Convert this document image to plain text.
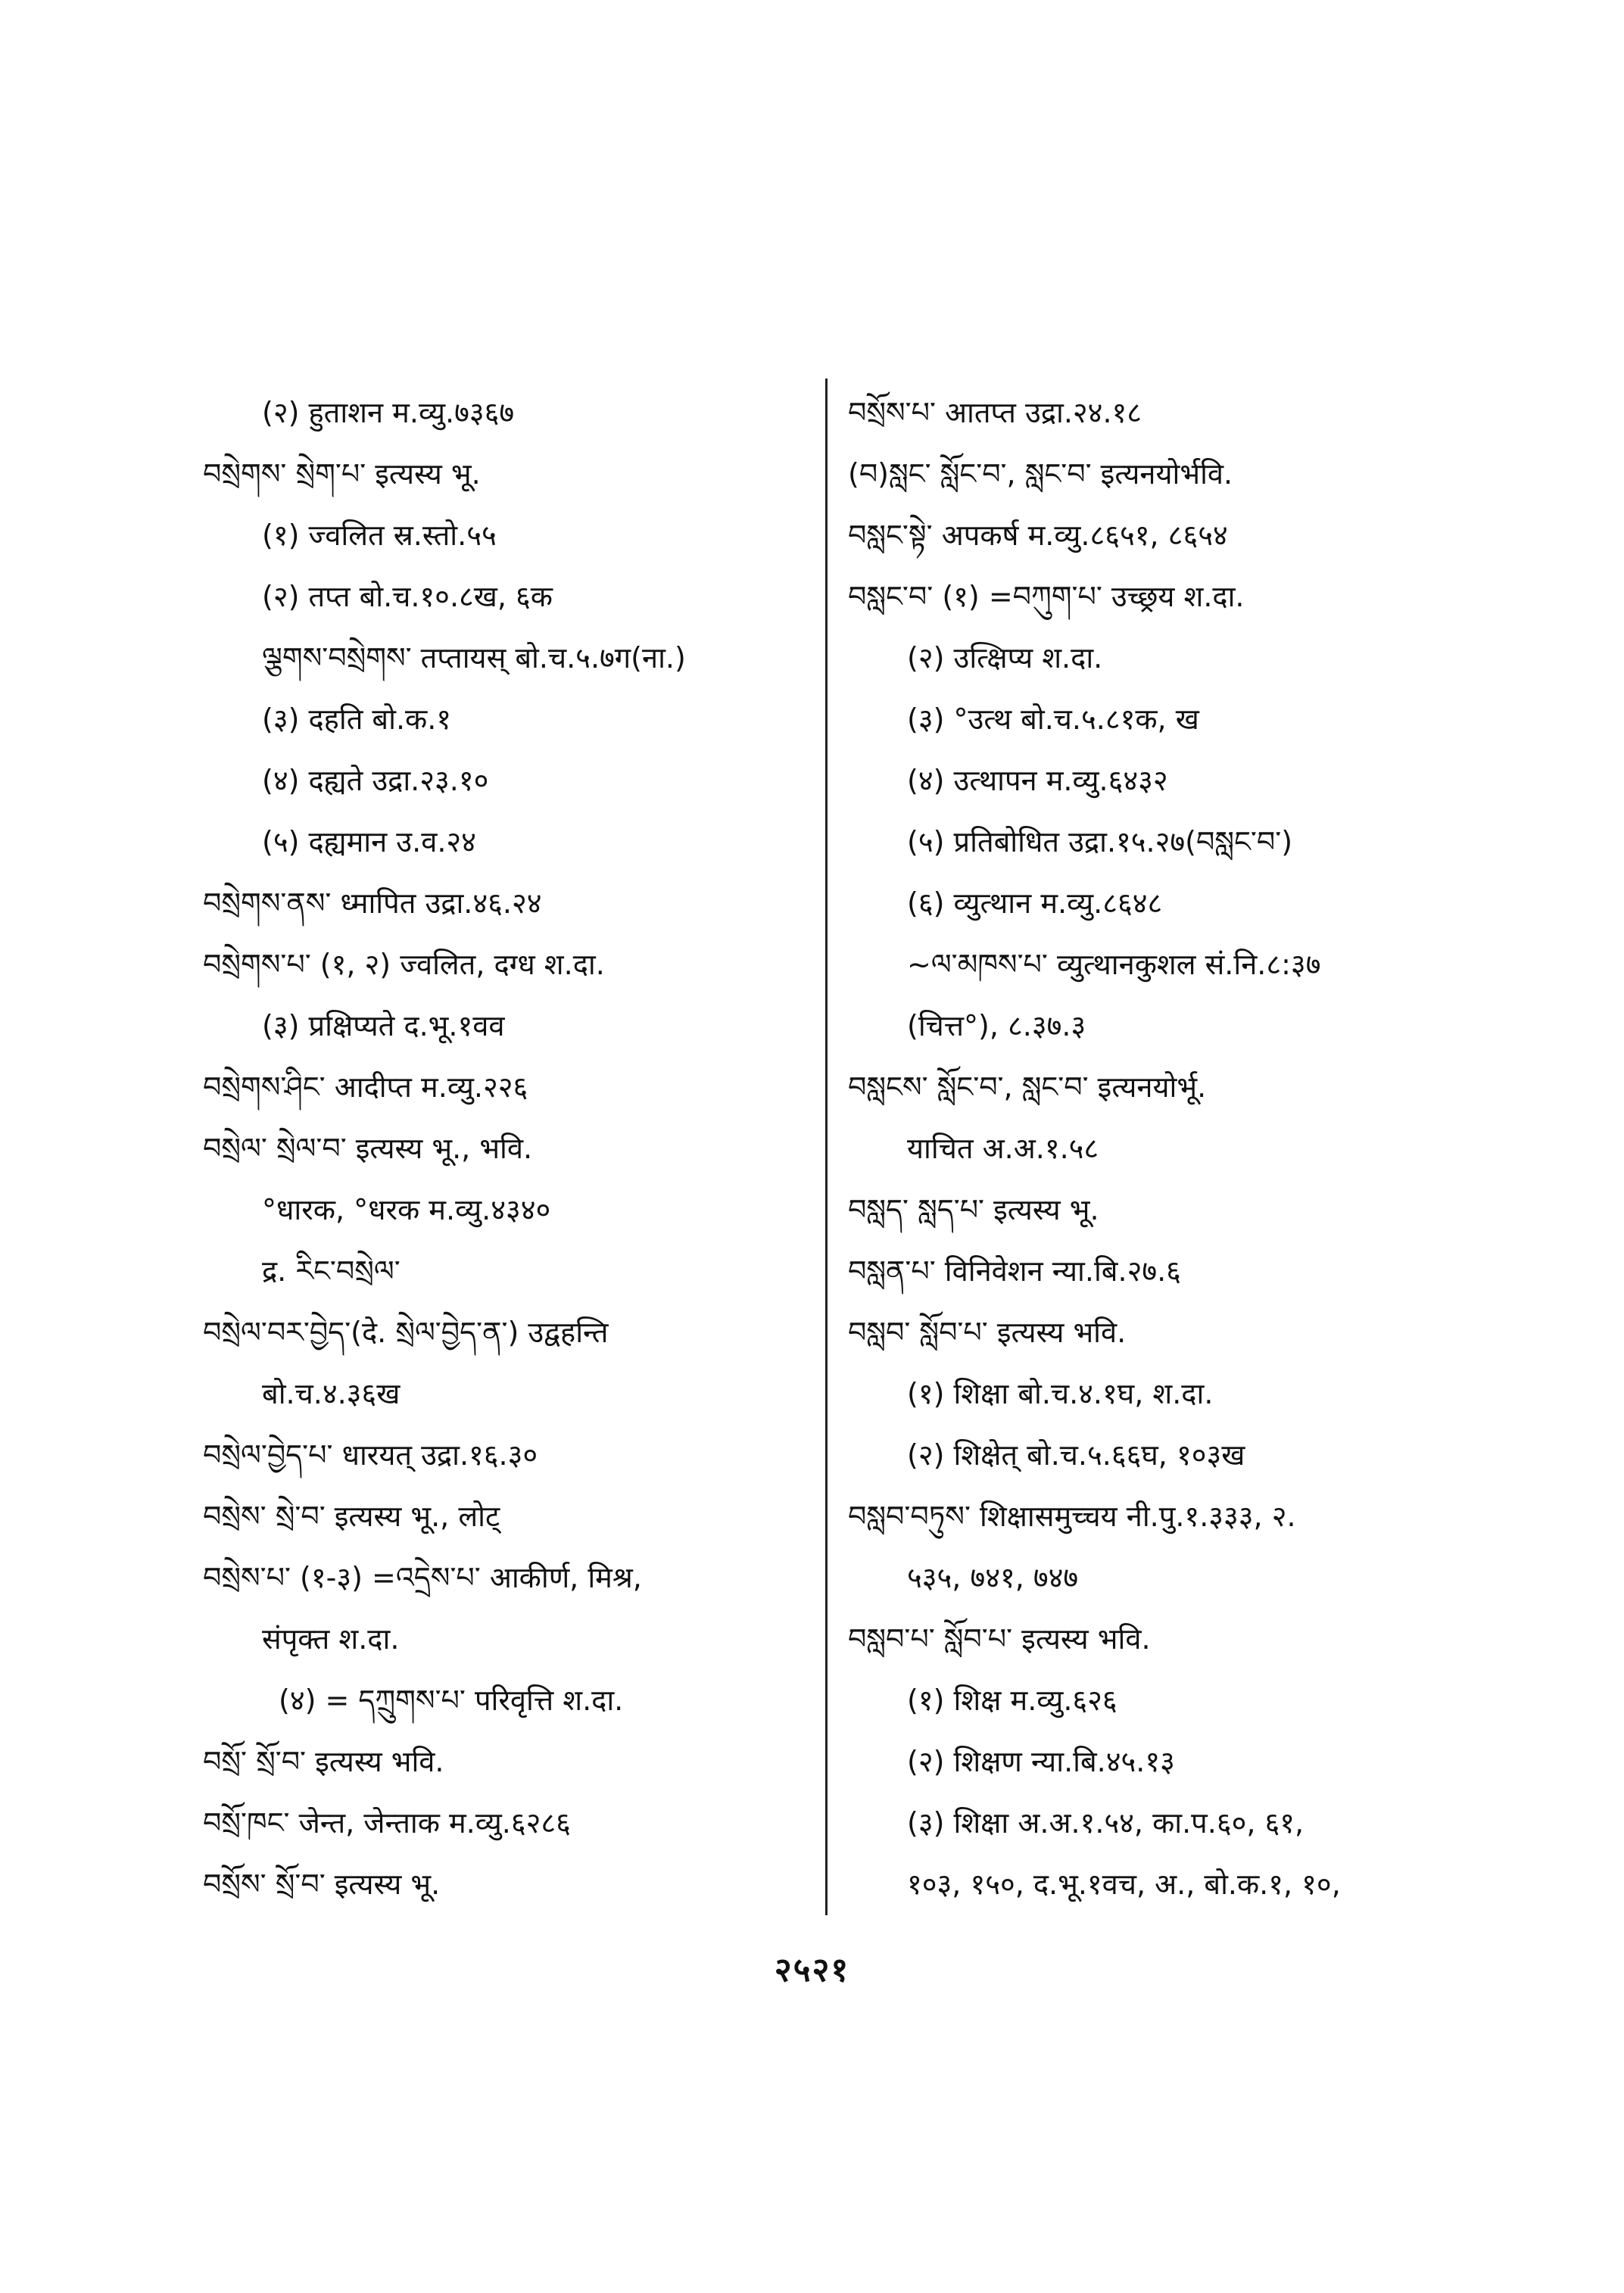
(२) हुताशन म.व्यु.७३६७
བསྲེགས་ སྲེག་པ་ इत्यस्य भू.
(१) ज्वलित स्र.स्तो.५५
(२) तप्त बो.च.१०.८ख, ६क
ལྕགས་བསྲེགས་ तप्तायस् बो.च.५.७ग(ना.)
(३) दहति बो.क.१
(४) दह्यते उद्रा.२३.१०
(५) दह्यमान उ.व.२४
བསྲེགས་ནས་ ध्मापित उद्रा.४६.२४
བསྲེགས་པ་ (१, २) ज्वलित, दग्ध श.दा.
(३) प्रक्षिप्यते द.भू.१वव
བསྲེགས་ཤིང་ आदीप्त म.व्यु.२२६
བསྲེལ་ སྲེལ་བ་ इत्यस्य भू., भवि.
°धारक, °धरक म.व्यु.४३४०
द्र. རིང་བསྲེལ་
བསྲེལ་བར་བྱེད་(दे. སྲེལ་བྱེད་ན་) उद्वहन्ति
बो.च.४.३६ख
བསྲེལ་བྱེད་པ་ धारयत् उद्रा.१६.३०
བསྲེས་ སྲེ་བ་ इत्यस्य भू., लोट्
བསྲེས་པ་ (१-३) =འདྲེས་པ་ आकीर्ण, मिश्र,
संपृक्त श.दा.
(४) = དཀྲུགས་པ་ परिवृत्ति श.दा.
བསྲོ་ སྲོ་བ་ इत्यस्य भवि.
བསྲོ་ཁང་ जेन्त, जेन्ताक म.व्यु.६२८६
བསྲོས་ སྲོ་བ་ इत्यस्य भू.
བསྲོས་པ་ आतप्त उद्रा.२४.१८
(བ)སླང་ སློང་བ་, སླང་བ་ इत्यनयोर्भवि.
བསླང་སྟེ་ अपकर्ष म.व्यु.८६५१, ८६५४
བསླང་བ་ (१) =བཀུག་པ་ उच्छ्रय श.दा.
(२) उत्क्षिप्य श.दा.
(३) °उत्थ बो.च.५.८१क, ख
(४) उत्थापन म.व्यु.६४३२
(५) प्रतिबोधित उद्रा.१५.२७(བསླང་བ་)
(६) व्युत्थान म.व्यु.८६४८
~ལ་མཁས་པ་ व्युत्थानकुशल सं.नि.८:३७
(चित्त°), ८.३७.३
བསླངས་ སློང་བ་, སླང་བ་ इत्यनयोर्भू.
याचित अ.अ.१.५८
བསླད་ སླད་པ་ इत्यस्य भू.
བསླན་པ་ विनिवेशन न्या.बि.२७.६
བསླབ་ སློབ་པ་ इत्यस्य भवि.
(१) शिक्षा बो.च.४.१घ, श.दा.
(२) शिक्षेत् बो.च.५.६६घ, १०३ख
བསླབ་བཏུས་ शिक्षासमुच्चय नी.पु.१.३३३, २.
५३५, ७४१, ७४७
བསླབ་པ་ སློབ་པ་ इत्यस्य भवि.
(१) शिक्ष म.व्यु.६२६
(२) शिक्षण न्या.बि.४५.१३
(३) शिक्षा अ.अ.१.५४, का.प.६०, ६१,
१०३, १५०, द.भू.१वच, अ., बो.क.१, १०,
२५२१
